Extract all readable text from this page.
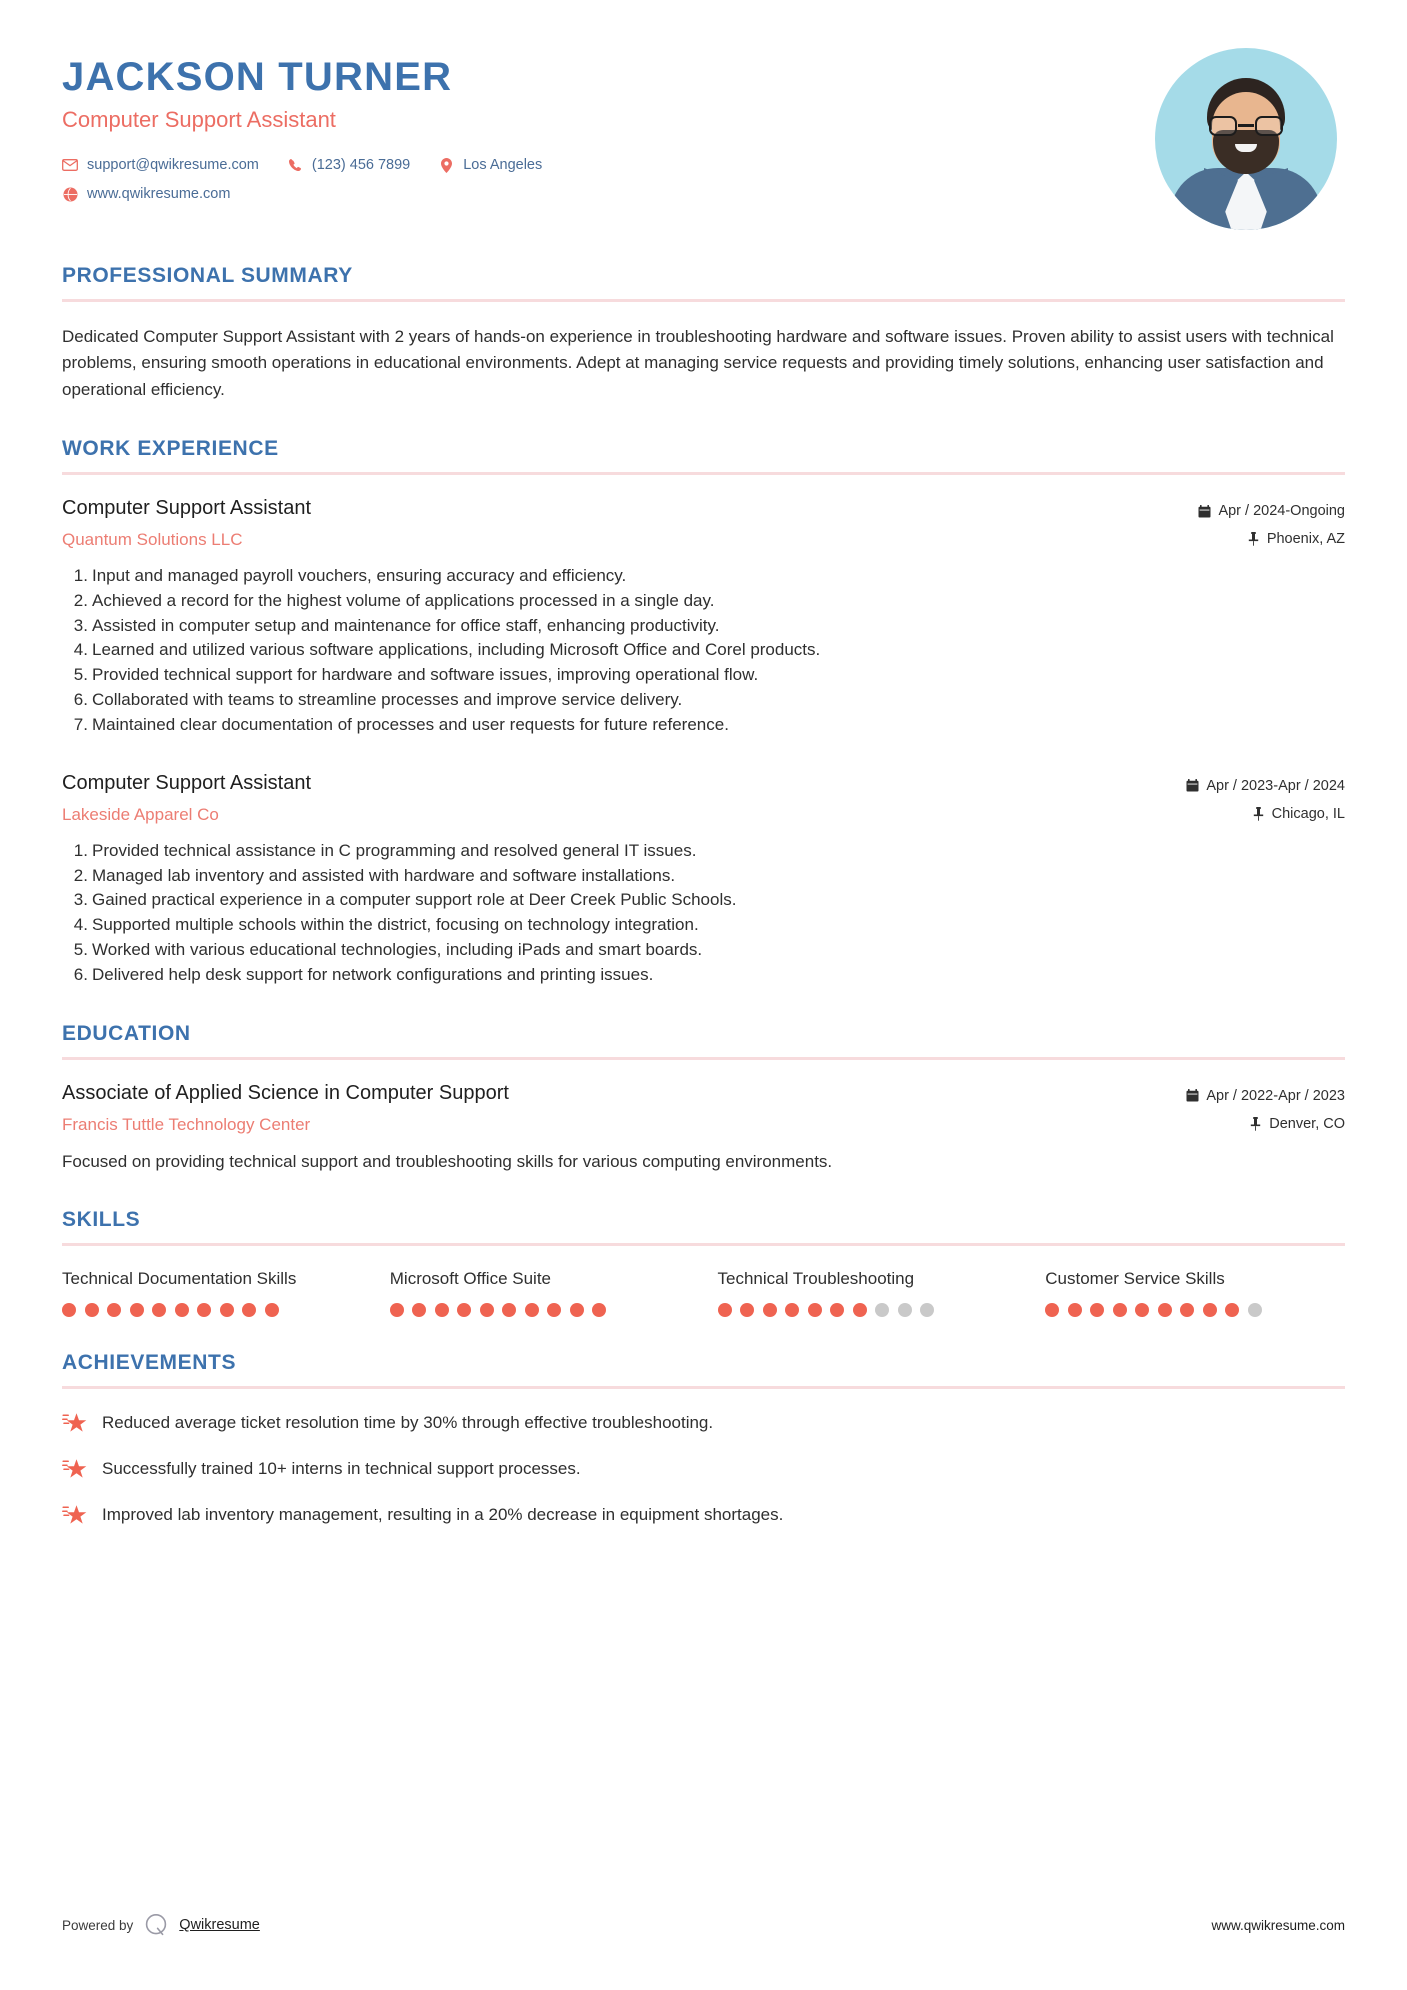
JACKSON TURNER
Computer Support Assistant
support@qwikresume.com	(123) 456 7899	Los Angeles
www.qwikresume.com
PROFESSIONAL SUMMARY
Dedicated Computer Support Assistant with 2 years of hands-on experience in troubleshooting hardware and software issues. Proven ability to assist users with technical problems, ensuring smooth operations in educational environments. Adept at managing service requests and providing timely solutions, enhancing user satisfaction and operational efficiency.
WORK EXPERIENCE
Computer Support Assistant
Quantum Solutions LLC
Apr / 2024-Ongoing
Phoenix, AZ
Input and managed payroll vouchers, ensuring accuracy and efficiency.
Achieved a record for the highest volume of applications processed in a single day.
Assisted in computer setup and maintenance for office staff, enhancing productivity.
Learned and utilized various software applications, including Microsoft Office and Corel products.
Provided technical support for hardware and software issues, improving operational flow.
Collaborated with teams to streamline processes and improve service delivery.
Maintained clear documentation of processes and user requests for future reference.
Computer Support Assistant
Lakeside Apparel Co
Apr / 2023-Apr / 2024
Chicago, IL
Provided technical assistance in C programming and resolved general IT issues.
Managed lab inventory and assisted with hardware and software installations.
Gained practical experience in a computer support role at Deer Creek Public Schools.
Supported multiple schools within the district, focusing on technology integration.
Worked with various educational technologies, including iPads and smart boards.
Delivered help desk support for network configurations and printing issues.
EDUCATION
Associate of Applied Science in Computer Support
Francis Tuttle Technology Center
Apr / 2022-Apr / 2023
Denver, CO
Focused on providing technical support and troubleshooting skills for various computing environments.
SKILLS
Technical Documentation Skills	Microsoft Office Suite	Technical Troubleshooting	Customer Service Skills
ACHIEVEMENTS
Reduced average ticket resolution time by 30% through effective troubleshooting.
Successfully trained 10+ interns in technical support processes.
Improved lab inventory management, resulting in a 20% decrease in equipment shortages.
Powered by	Qwikresume	www.qwikresume.com
